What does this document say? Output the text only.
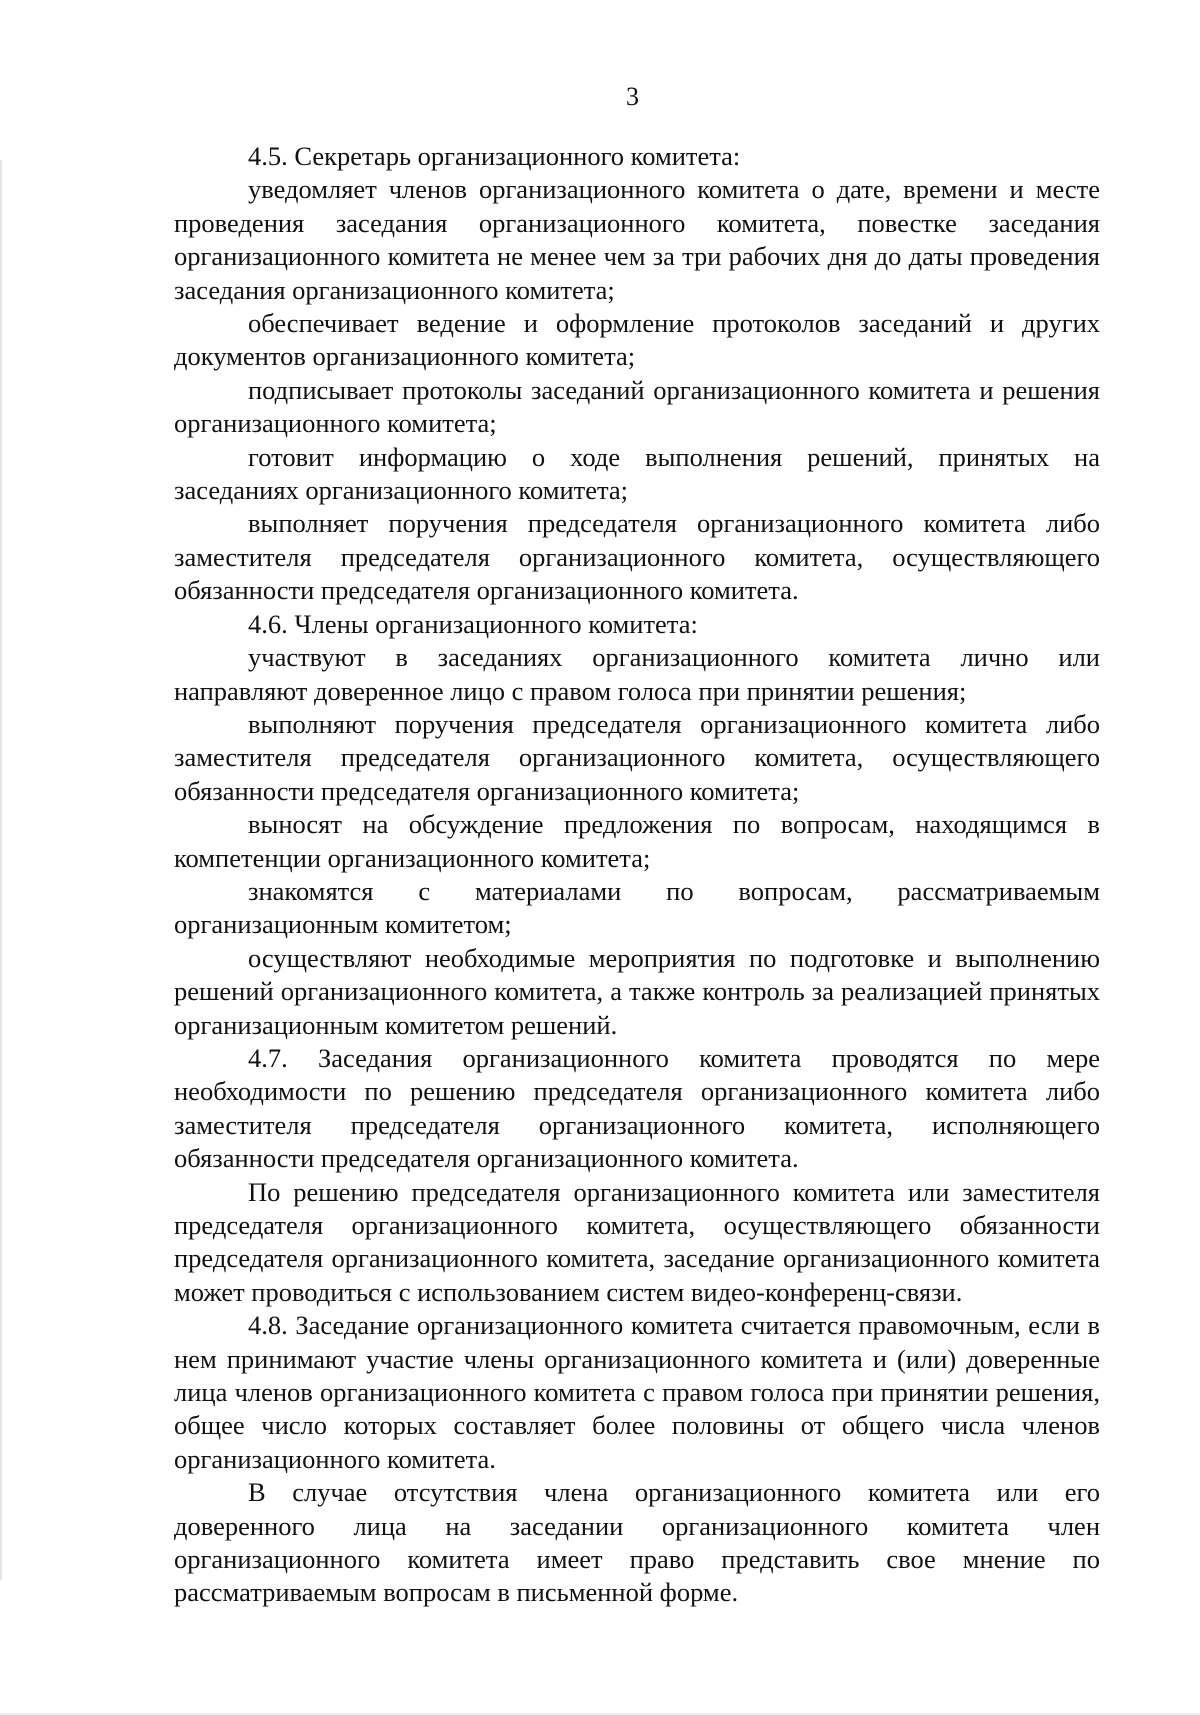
3

4.5. Секретарь организационного комитета:

уведомляет членов организационного комитета о дате, времени и месте проведения заседания организационного комитета, повестке заседания организационного комитета не менее чем за три рабочих дня до даты проведения заседания организационного комитета;

обеспечивает ведение и оформление протоколов заседаний и других документов организационного комитета;

подписывает протоколы заседаний организационного комитета и решения организационного комитета;

готовит информацию о ходе выполнения решений, принятых на заседаниях организационного комитета;

выполняет поручения председателя организационного комитета либо заместителя председателя организационного комитета, осуществляющего обязанности председателя организационного комитета.

4.6. Члены организационного комитета:

участвуют в заседаниях организационного комитета лично или направляют доверенное лицо с правом голоса при принятии решения;

выполняют поручения председателя организационного комитета либо заместителя председателя организационного комитета, осуществляющего обязанности председателя организационного комитета;

выносят на обсуждение предложения по вопросам, находящимся в компетенции организационного комитета;

знакомятся с материалами по вопросам, рассматриваемым организационным комитетом;

осуществляют необходимые мероприятия по подготовке и выполнению решений организационного комитета, а также контроль за реализацией принятых организационным комитетом решений.

4.7. Заседания организационного комитета проводятся по мере необходимости по решению председателя организационного комитета либо заместителя председателя организационного комитета, исполняющего обязанности председателя организационного комитета.

По решению председателя организационного комитета или заместителя председателя организационного комитета, осуществляющего обязанности председателя организационного комитета, заседание организационного комитета может проводиться с использованием систем видео-конференц-связи.

4.8. Заседание организационного комитета считается правомочным, если в нем принимают участие члены организационного комитета и (или) доверенные лица членов организационного комитета с правом голоса при принятии решения, общее число которых составляет более половины от общего числа членов организационного комитета.

В случае отсутствия члена организационного комитета или его доверенного лица на заседании организационного комитета член организационного комитета имеет право представить свое мнение по рассматриваемым вопросам в письменной форме.
